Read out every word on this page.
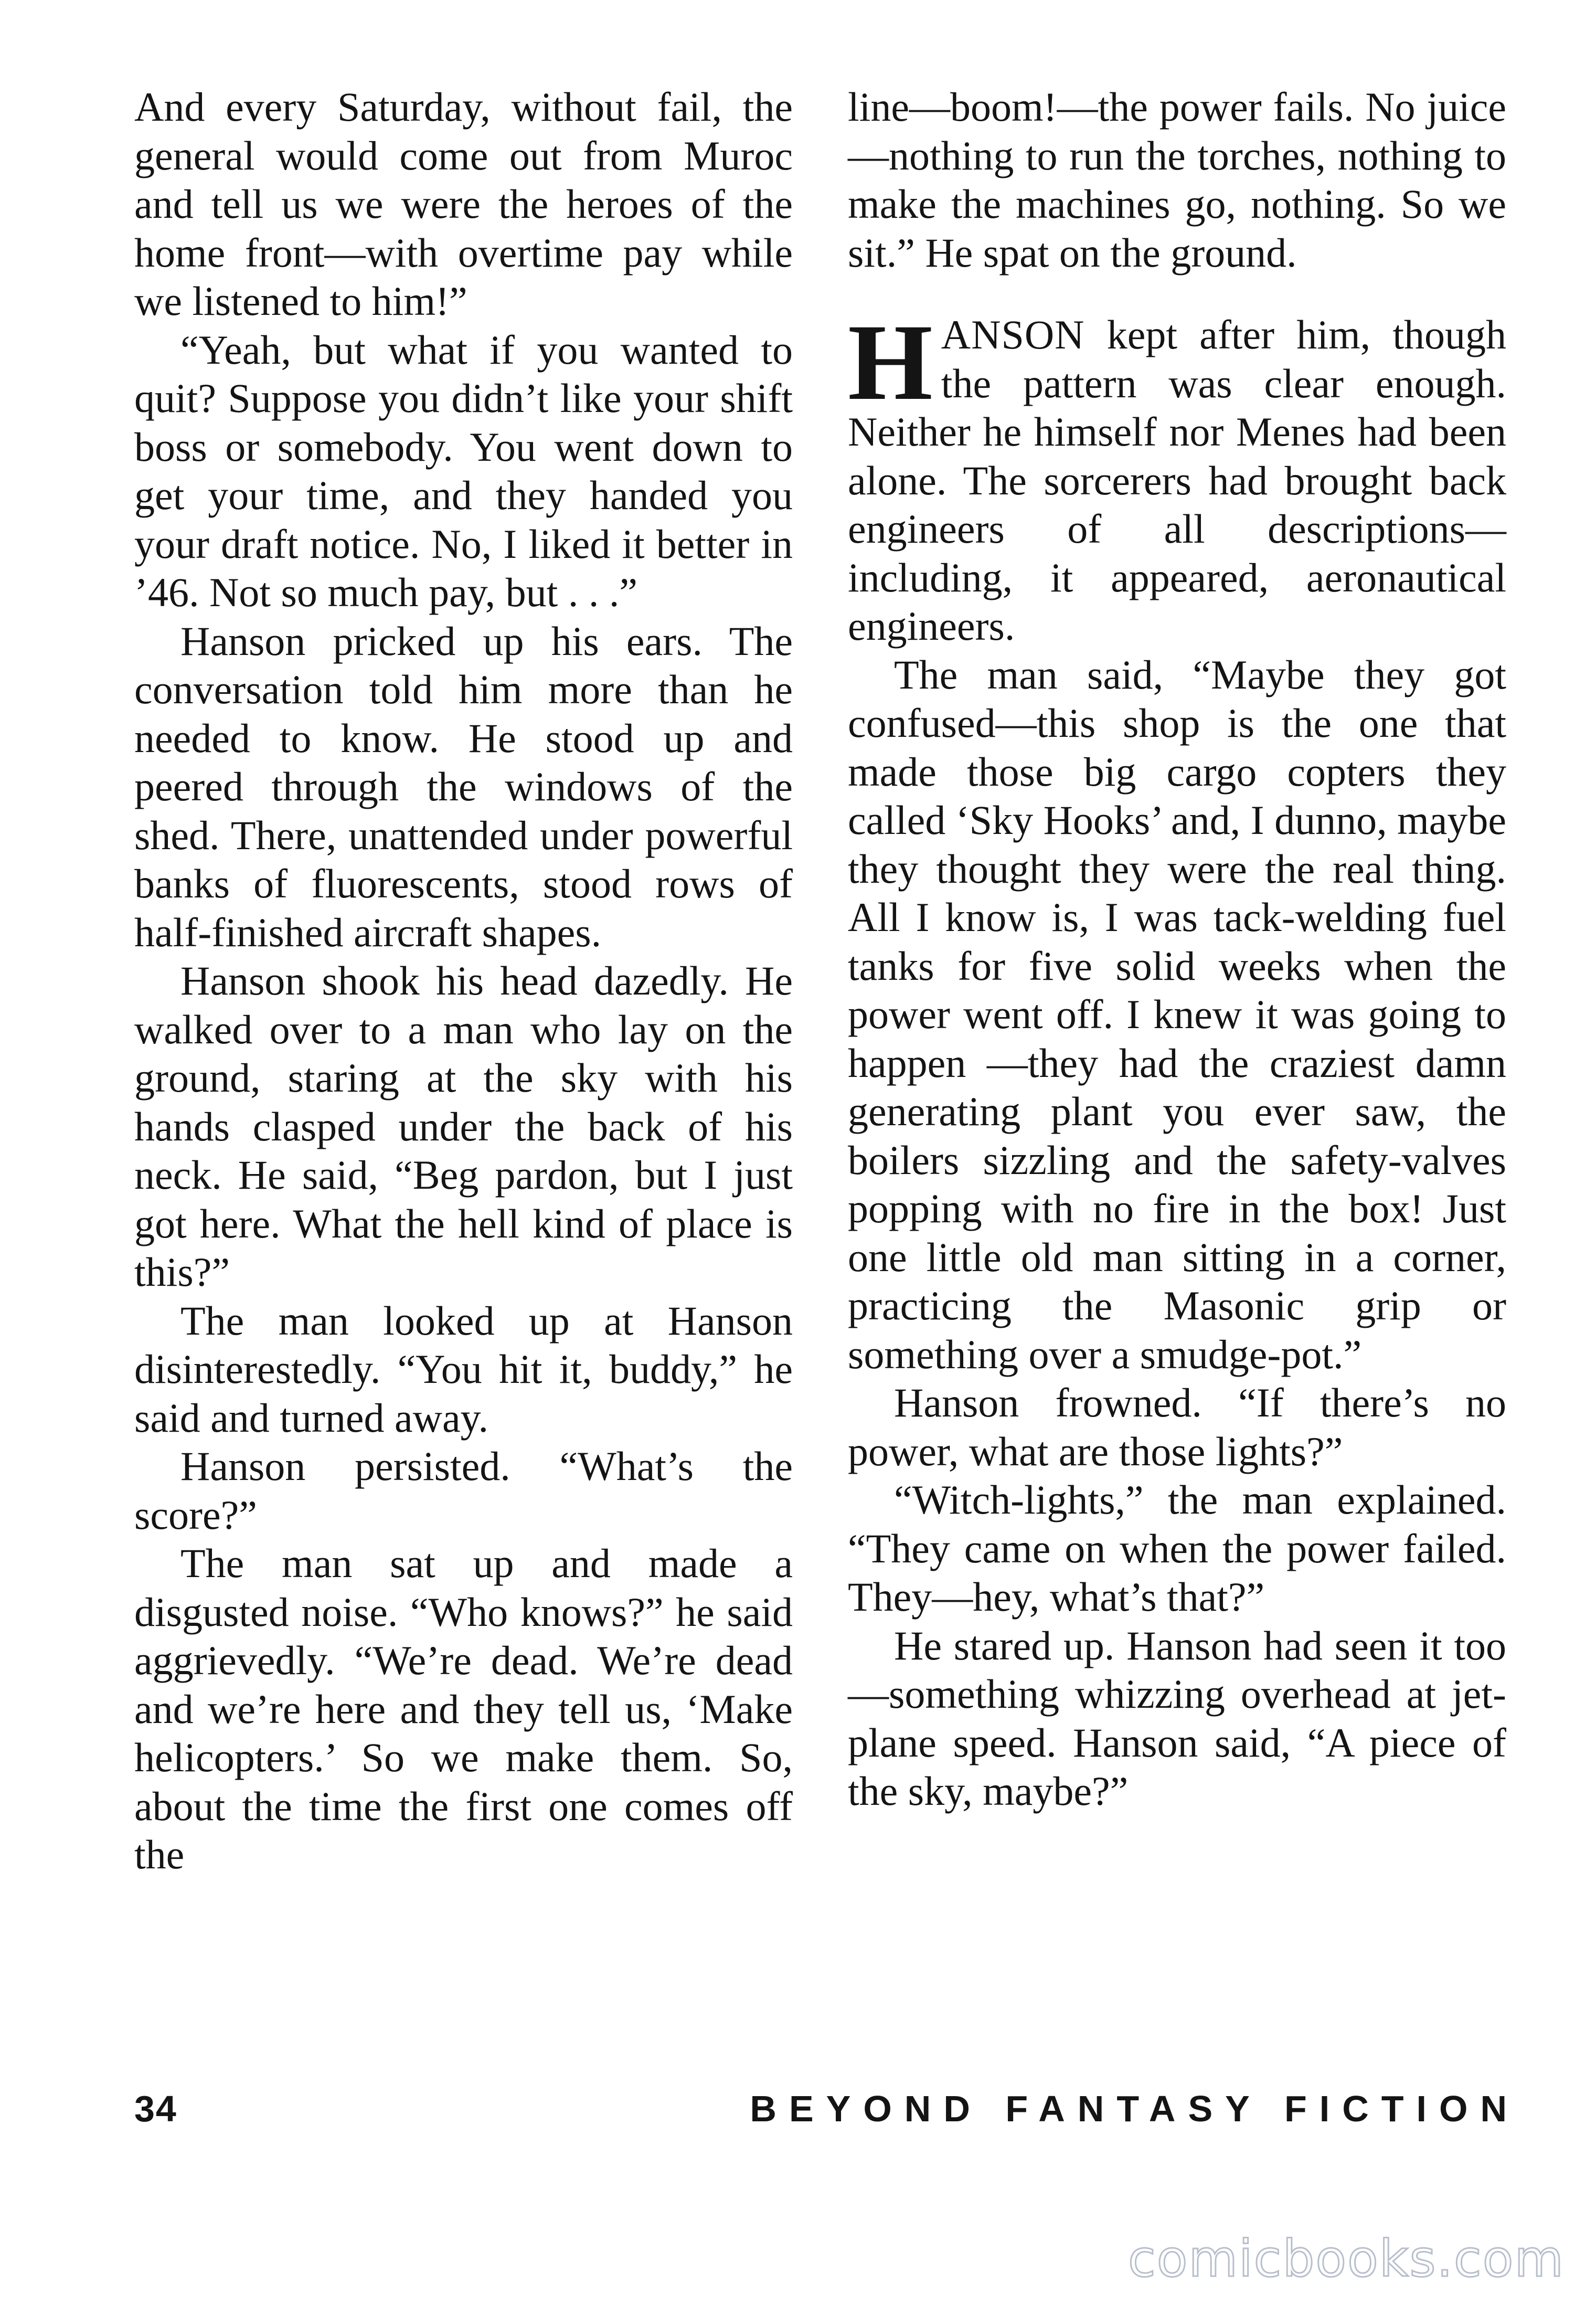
And every Saturday, without fail, the general would come out from Muroc and tell us we were the heroes of the home front—with overtime pay while we listened to him!”

“Yeah, but what if you wanted to quit? Suppose you didn’t like your shift boss or somebody. You went down to get your time, and they handed you your draft notice. No, I liked it better in ’46. Not so much pay, but . . .”

Hanson pricked up his ears. The conversation told him more than he needed to know. He stood up and peered through the windows of the shed. There, unattended under powerful banks of fluorescents, stood rows of half-finished aircraft shapes.

Hanson shook his head dazedly. He walked over to a man who lay on the ground, staring at the sky with his hands clasped under the back of his neck. He said, “Beg pardon, but I just got here. What the hell kind of place is this?”

The man looked up at Hanson disinterestedly. “You hit it, buddy,” he said and turned away.

Hanson persisted. “What’s the score?”

The man sat up and made a disgusted noise. “Who knows?” he said aggrievedly. “We’re dead. We’re dead and we’re here and they tell us, ‘Make helicopters.’ So we make them. So, about the time the first one comes off the

line—boom!—the power fails. No juice—nothing to run the torches, nothing to make the machines go, nothing. So we sit.” He spat on the ground.

HANSON kept after him, though the pattern was clear enough. Neither he himself nor Menes had been alone. The sorcerers had brought back engineers of all descriptions—including, it appeared, aeronautical engineers.

The man said, “Maybe they got confused—this shop is the one that made those big cargo copters they called ‘Sky Hooks’ and, I dunno, maybe they thought they were the real thing. All I know is, I was tack-welding fuel tanks for five solid weeks when the power went off. I knew it was going to happen —they had the craziest damn generating plant you ever saw, the boilers sizzling and the safety-valves popping with no fire in the box! Just one little old man sitting in a corner, practicing the Masonic grip or something over a smudge-pot.”

Hanson frowned. “If there’s no power, what are those lights?”

“Witch-lights,” the man explained. “They came on when the power failed. They—hey, what’s that?”

He stared up. Hanson had seen it too—something whizzing overhead at jet-plane speed. Hanson said, “A piece of the sky, maybe?”

34	BEYOND FANTASY FICTION
comicbooks.com
